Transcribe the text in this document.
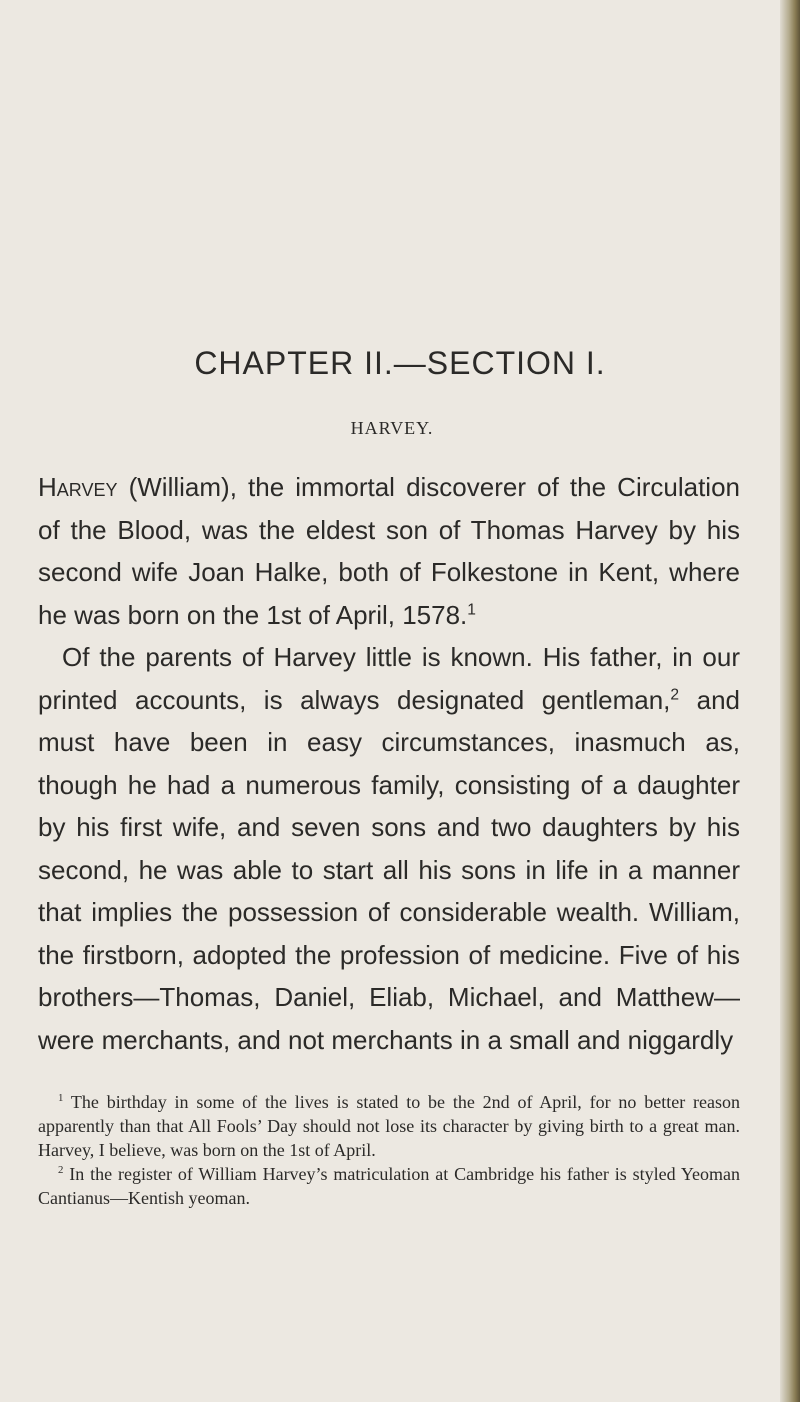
CHAPTER II.—SECTION I.
HARVEY.

Harvey (William), the immortal discoverer of the Circulation of the Blood, was the eldest son of Thomas Harvey by his second wife Joan Halke, both of Folkestone in Kent, where he was born on the 1st of April, 1578.$^1$

Of the parents of Harvey little is known. His father, in our printed accounts, is always designated gentleman,$^2$ and must have been in easy circumstances, inasmuch as, though he had a numerous family, consisting of a daughter by his first wife, and seven sons and two daughters by his second, he was able to start all his sons in life in a manner that implies the possession of considerable wealth. William, the firstborn, adopted the profession of medicine. Five of his brothers—Thomas, Daniel, Eliab, Michael, and Matthew—were merchants, and not merchants in a small and niggardly

$^1$ The birthday in some of the lives is stated to be the 2nd of April, for no better reason apparently than that All Fools’ Day should not lose its character by giving birth to a great man. Harvey, I believe, was born on the 1st of April.

$^2$ In the register of William Harvey’s matriculation at Cambridge his father is styled Yeoman Cantianus—Kentish yeoman.
